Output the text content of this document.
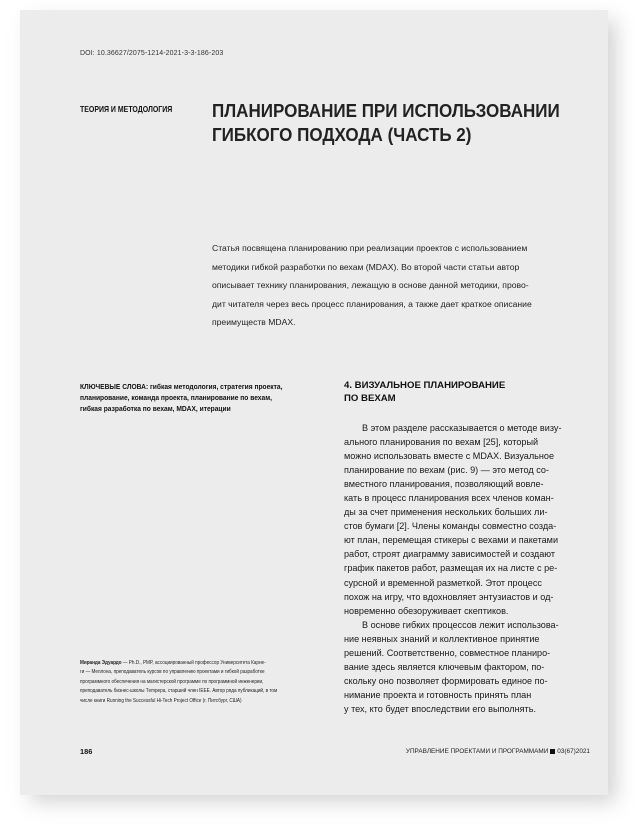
DOI: 10.36627/2075-1214-2021-3-3-186-203
ТЕОРИЯ И МЕТОДОЛОГИЯ ПЛАНИРОВАНИЕ ПРИ ИСПОЛЬЗОВАНИИ
ГИБКОГО ПОДХОДА (ЧАСТЬ 2)
Статья посвящена планированию при реализации проектов с использованием
методики гибкой разработки по вехам (MDAX). Во второй части статьи автор
описывает технику планирования, лежащую в основе данной методики, прово-
дит читателя через весь процесс планирования, а также дает краткое описание
преимуществ MDAX.
КЛЮЧЕВЫЕ СЛОВА: гибкая методология, стратегия проекта,
планирование, команда проекта, планирование по вехам,
гибкая разработка по вехам, MDAX, итерации
Миранда Эдуардо — Ph.D., PMP, ассоциированный профессор Университета Карне-
ги — Меллона, преподаватель курсов по управлению проектами и гибкой разработке
программного обеспечения на магистерской программе по программной инженерии,
преподаватель бизнес-школы Tеmpера, старший член IEEE. Автор ряда публикаций, в том
числе книги Running the Successful Hi-Tech Project Office (г. Питсбург, США)
4. ВИЗУАЛЬНОЕ ПЛАНИРОВАНИЕ
ПО ВЕХАМ
В этом разделе рассказывается о методе визу-
ального планирования по вехам [25], который
можно использовать вместе с MDAX. Визуальное
планирование по вехам (рис. 9) — это метод со-
вместного планирования, позволяющий вовле-
кать в процесс планирования всех членов коман-
ды за счет применения нескольких больших ли-
стов бумаги [2]. Члены команды совместно созда-
ют план, перемещая стикеры с вехами и пакетами
работ, строят диаграмму зависимостей и создают
график пакетов работ, размещая их на листе с ре-
сурсной и временной разметкой. Этот процесс
похож на игру, что вдохновляет энтузиастов и од-
новременно обезоруживает скептиков.
В основе гибких процессов лежит использова-
ние неявных знаний и коллективное принятие
решений. Соответственно, совместное планиро-
вание здесь является ключевым фактором, по-
скольку оно позволяет формировать единое по-
нимание проекта и готовность принять план
у тех, кто будет впоследствии его выполнять.
186	УПРАВЛЕНИЕ ПРОЕКТАМИ И ПРОГРАММАМИ 03(67)2021
